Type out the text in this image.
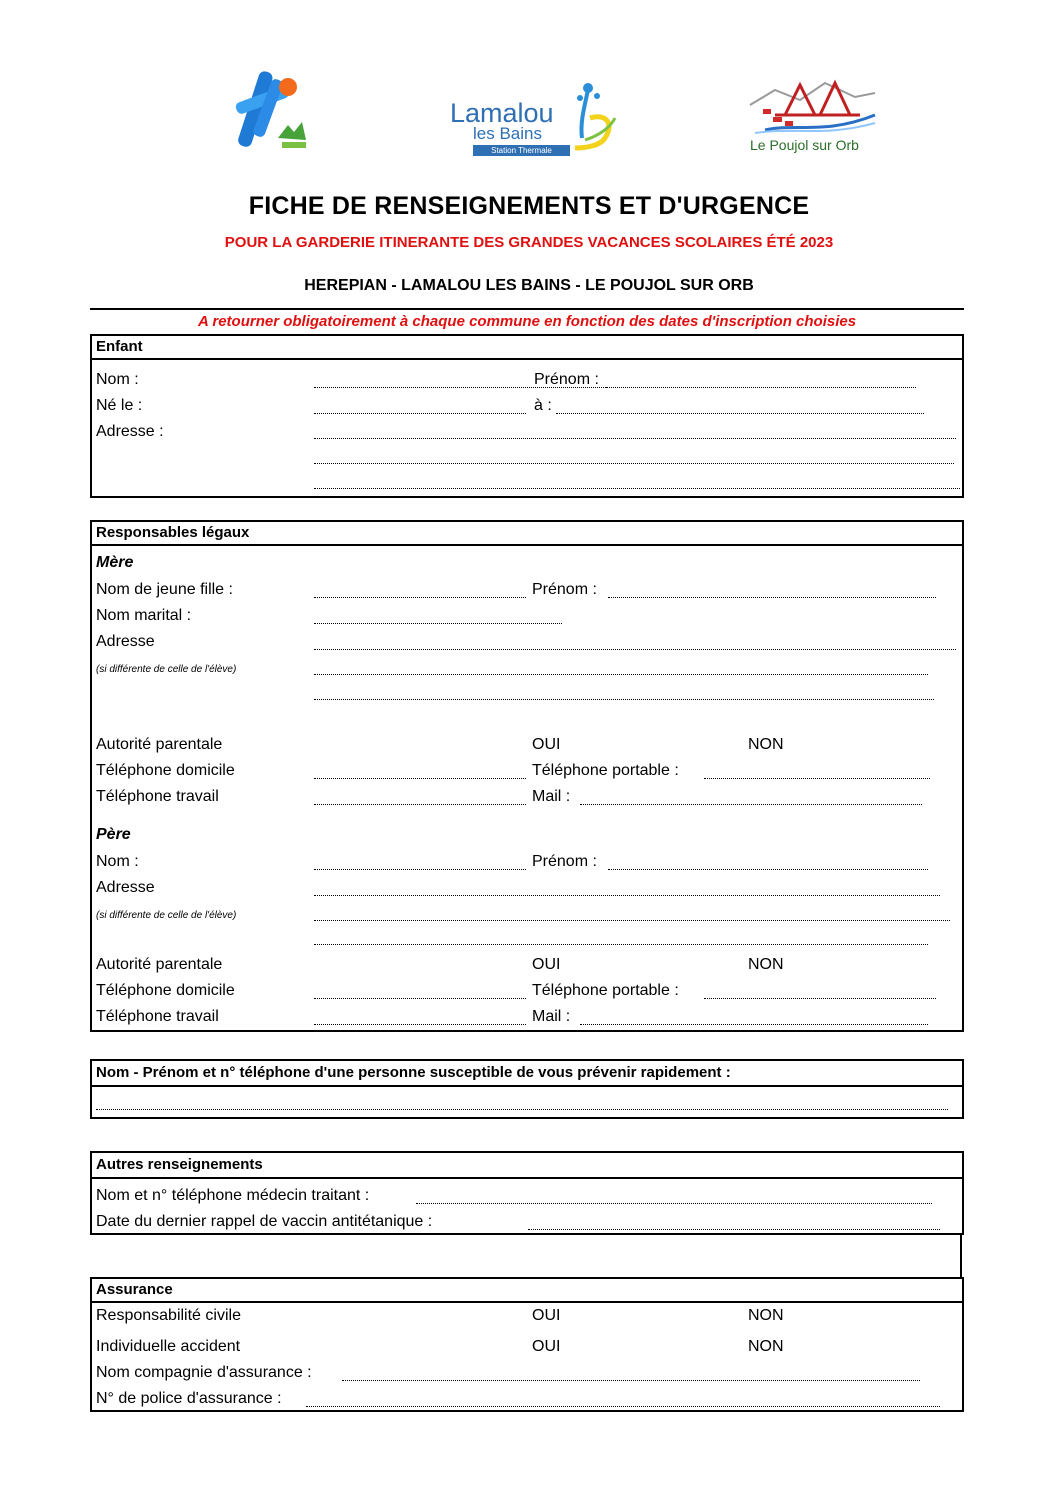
Lamalou
les Bains
Station Thermale	Le Poujol sur Orb
FICHE DE RENSEIGNEMENTS ET D'URGENCE
POUR LA GARDERIE ITINERANTE DES GRANDES VACANCES SCOLAIRES ÉTÉ 2023
HEREPIAN - LAMALOU LES BAINS - LE POUJOL SUR ORB
A retourner obligatoirement à chaque commune en fonction des dates d'inscription choisies
Enfant
Nom :	Prénom :
Né le :	à :
Adresse :
Responsables légaux
Mère
Nom de jeune fille :	Prénom :
Nom marital :
Adresse
(si différente de celle de l'élève)
Autorité parentale	OUI	NON
Téléphone domicile	Téléphone portable :
Téléphone travail	Mail :
Père
Nom :	Prénom :
Adresse
(si différente de celle de l'élève)
Autorité parentale	OUI	NON
Téléphone domicile	Téléphone portable :
Téléphone travail	Mail :
Nom - Prénom et n° téléphone d'une personne susceptible de vous prévenir rapidement :
Autres renseignements
Nom et n° téléphone médecin traitant :
Date du dernier rappel de vaccin antitétanique :
Assurance
Responsabilité civile	OUI	NON
Individuelle accident	OUI	NON
Nom compagnie d'assurance :
N° de police d'assurance :
